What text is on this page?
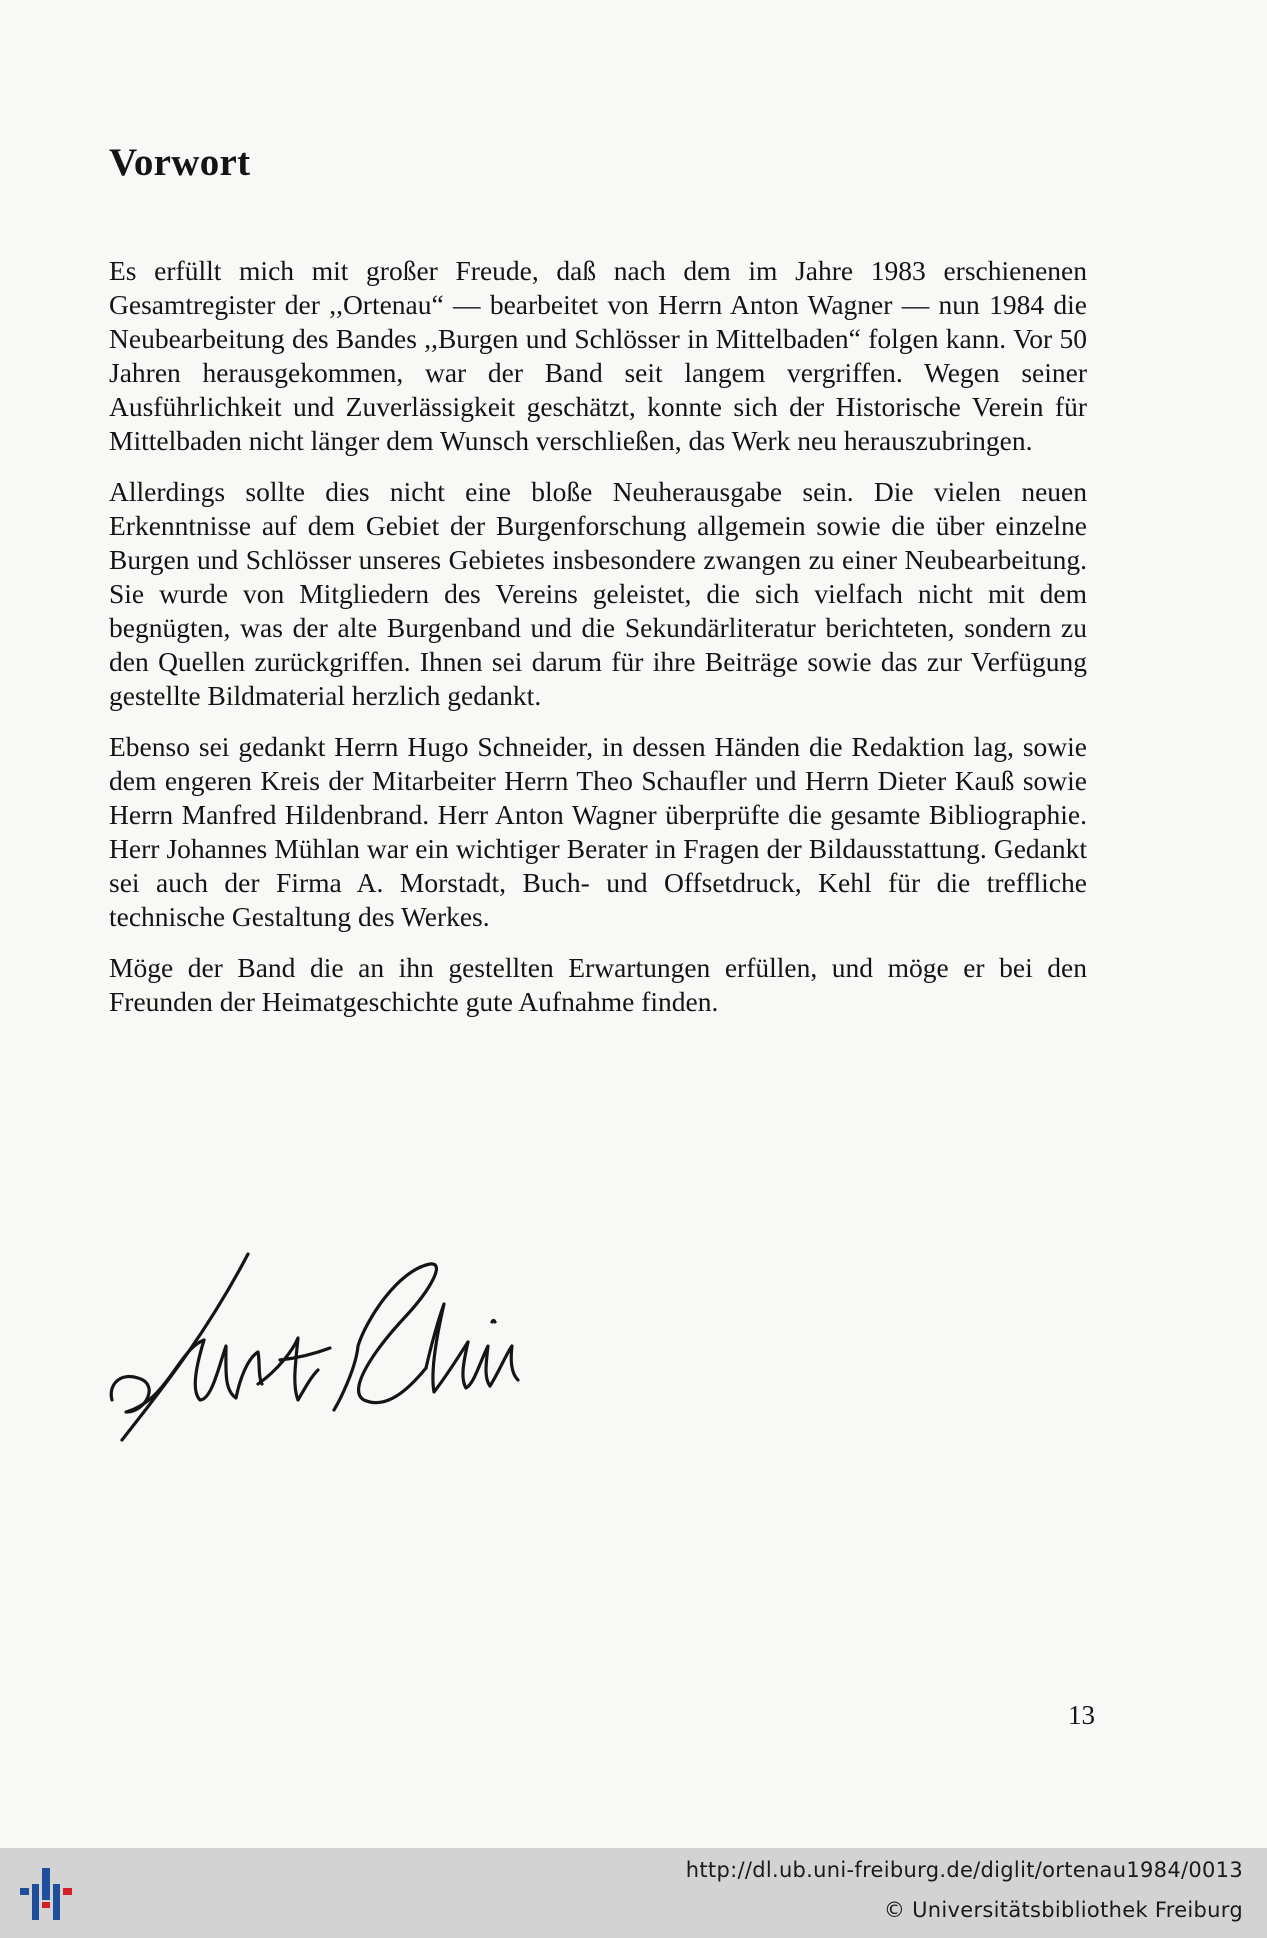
Vorwort

Es erfüllt mich mit großer Freude, daß nach dem im Jahre 1983 erschienenen Gesamtregister der ,,Ortenau“ — bearbeitet von Herrn Anton Wagner — nun 1984 die Neubearbeitung des Bandes ,,Burgen und Schlösser in Mittelbaden“ folgen kann. Vor 50 Jahren herausgekommen, war der Band seit langem vergriffen. Wegen seiner Ausführlichkeit und Zuverlässigkeit geschätzt, konnte sich der Historische Verein für Mittelbaden nicht länger dem Wunsch verschließen, das Werk neu herauszubringen.

Allerdings sollte dies nicht eine bloße Neuherausgabe sein. Die vielen neuen Erkenntnisse auf dem Gebiet der Burgenforschung allgemein sowie die über einzelne Burgen und Schlösser unseres Gebietes insbesondere zwangen zu einer Neubearbeitung. Sie wurde von Mitgliedern des Vereins geleistet, die sich vielfach nicht mit dem begnügten, was der alte Burgenband und die Sekundärliteratur berichteten, sondern zu den Quellen zurückgriffen. Ihnen sei darum für ihre Beiträge sowie das zur Verfügung gestellte Bildmaterial herzlich gedankt.

Ebenso sei gedankt Herrn Hugo Schneider, in dessen Händen die Redaktion lag, sowie dem engeren Kreis der Mitarbeiter Herrn Theo Schaufler und Herrn Dieter Kauß sowie Herrn Manfred Hildenbrand. Herr Anton Wagner überprüfte die gesamte Bibliographie. Herr Johannes Mühlan war ein wichtiger Berater in Fragen der Bildausstattung. Gedankt sei auch der Firma A. Morstadt, Buch- und Offsetdruck, Kehl für die treffliche technische Gestaltung des Werkes.

Möge der Band die an ihn gestellten Erwartungen erfüllen, und möge er bei den Freunden der Heimatgeschichte gute Aufnahme finden.

13
http://dl.ub.uni-freiburg.de/diglit/ortenau1984/0013
© Universitätsbibliothek Freiburg
